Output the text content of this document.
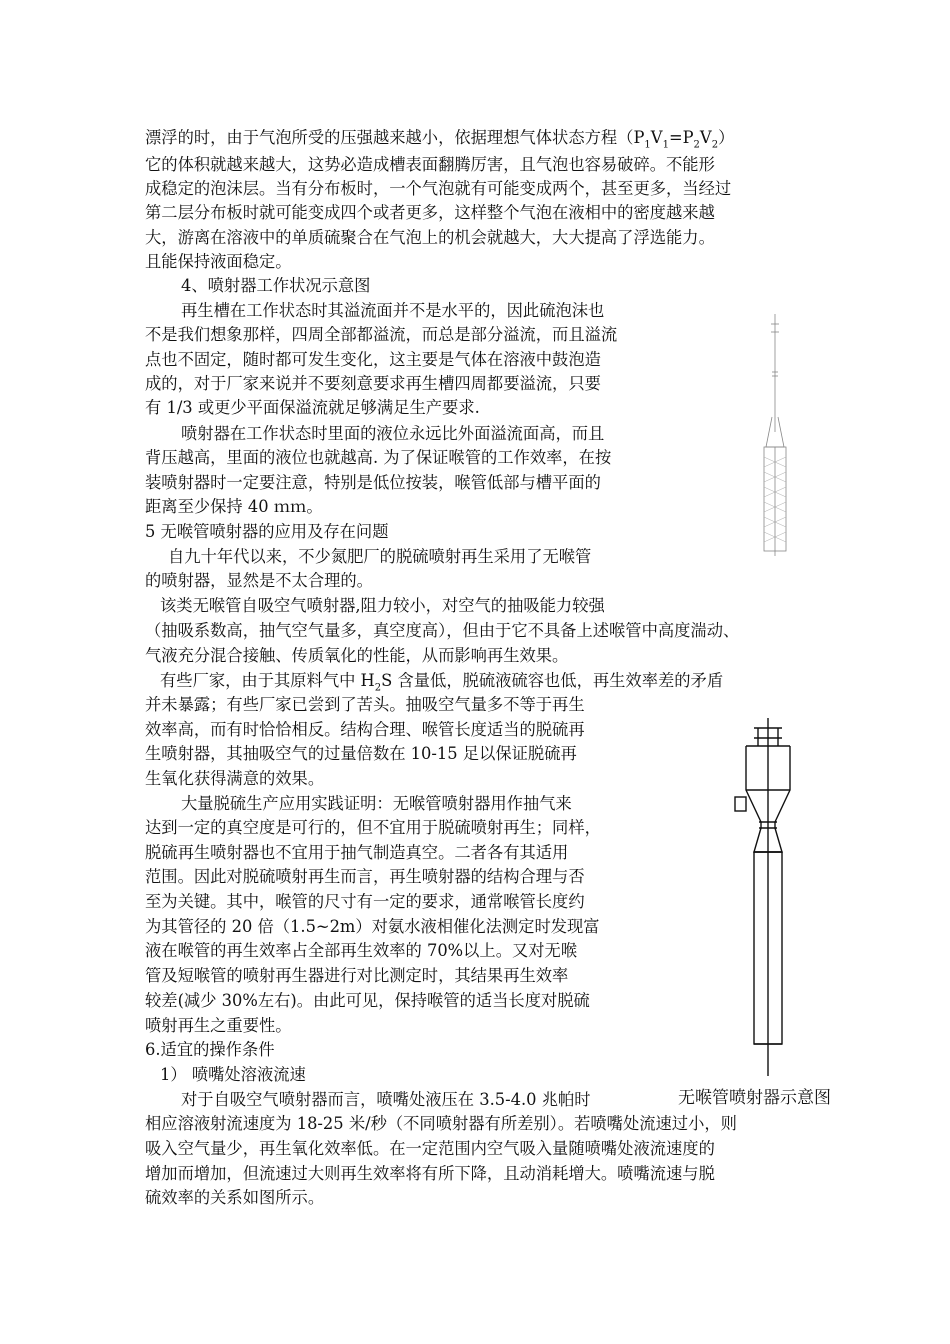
漂浮的时，由于气泡所受的压强越来越小，依据理想气体状态方程$(P_1V_1=P_2V_2)$
它的体积就越来越大，这势必造成槽表面翻腾厉害，且气泡也容易破碎。不能形
成稳定的泡沫层。当有分布板时，一个气泡就有可能变成两个，甚至更多，当经过
第二层分布板时就可能变成四个或者更多，这样整个气泡在液相中的密度越来越
大，游离在溶液中的单质硫聚合在气泡上的机会就越大，大大提高了浮选能力。
且能保持液面稳定。
4、喷射器工作状况示意图
再生槽在工作状态时其溢流面并不是水平的，因此硫泡沫也
不是我们想象那样，四周全部都溢流，而总是部分溢流，而且溢流
点也不固定，随时都可发生变化，这主要是气体在溶液中鼓泡造
成的，对于厂家来说并不要刻意要求再生槽四周都要溢流，只要
有 1/3 或更少平面保溢流就足够满足生产要求.
喷射器在工作状态时里面的液位永远比外面溢流面高，而且
背压越高，里面的液位也就越高. 为了保证喉管的工作效率，在按
装喷射器时一定要注意，特别是低位按装，喉管低部与槽平面的
距离至少保持 40 ｍｍ。
5 无喉管喷射器的应用及存在问题
自九十年代以来，不少氮肥厂的脱硫喷射再生采用了无喉管
的喷射器，显然是不太合理的。
该类无喉管自吸空气喷射器,阻力较小，对空气的抽吸能力较强
（抽吸系数高，抽气空气量多，真空度高），但由于它不具备上述喉管中高度湍动、
气液充分混合接触、传质氧化的性能，从而影响再生效果。
有些厂家，由于其原料气中 $H_2S$ 含量低，脱硫液硫容也低，再生效率差的矛盾
并未暴露；有些厂家已尝到了苦头。抽吸空气量多不等于再生
效率高，而有时恰恰相反。结构合理、喉管长度适当的脱硫再
生喷射器，其抽吸空气的过量倍数在 10-15 足以保证脱硫再
生氧化获得满意的效果。
大量脱硫生产应用实践证明：无喉管喷射器用作抽气来
达到一定的真空度是可行的，但不宜用于脱硫喷射再生；同样，
脱硫再生喷射器也不宜用于抽气制造真空。二者各有其适用
范围。因此对脱硫喷射再生而言，再生喷射器的结构合理与否
至为关键。其中，喉管的尺寸有一定的要求，通常喉管长度约
为其管径的 20 倍（1.5~2m）对氨水液相催化法测定时发现富
液在喉管的再生效率占全部再生效率的 70%以上。又对无喉
管及短喉管的喷射再生器进行对比测定时，其结果再生效率
较差(减少 30%左右)。由此可见，保持喉管的适当长度对脱硫
喷射再生之重要性。
6.适宜的操作条件
1） 喷嘴处溶液流速
对于自吸空气喷射器而言，喷嘴处液压在 3.5-4.0 兆帕时
相应溶液射流速度为 18-25 米/秒（不同喷射器有所差别）。若喷嘴处流速过小，则
吸入空气量少，再生氧化效率低。在一定范围内空气吸入量随喷嘴处液流速度的
增加而增加，但流速过大则再生效率将有所下降，且动消耗增大。喷嘴流速与脱
硫效率的关系如图所示。
无喉管喷射器示意图
